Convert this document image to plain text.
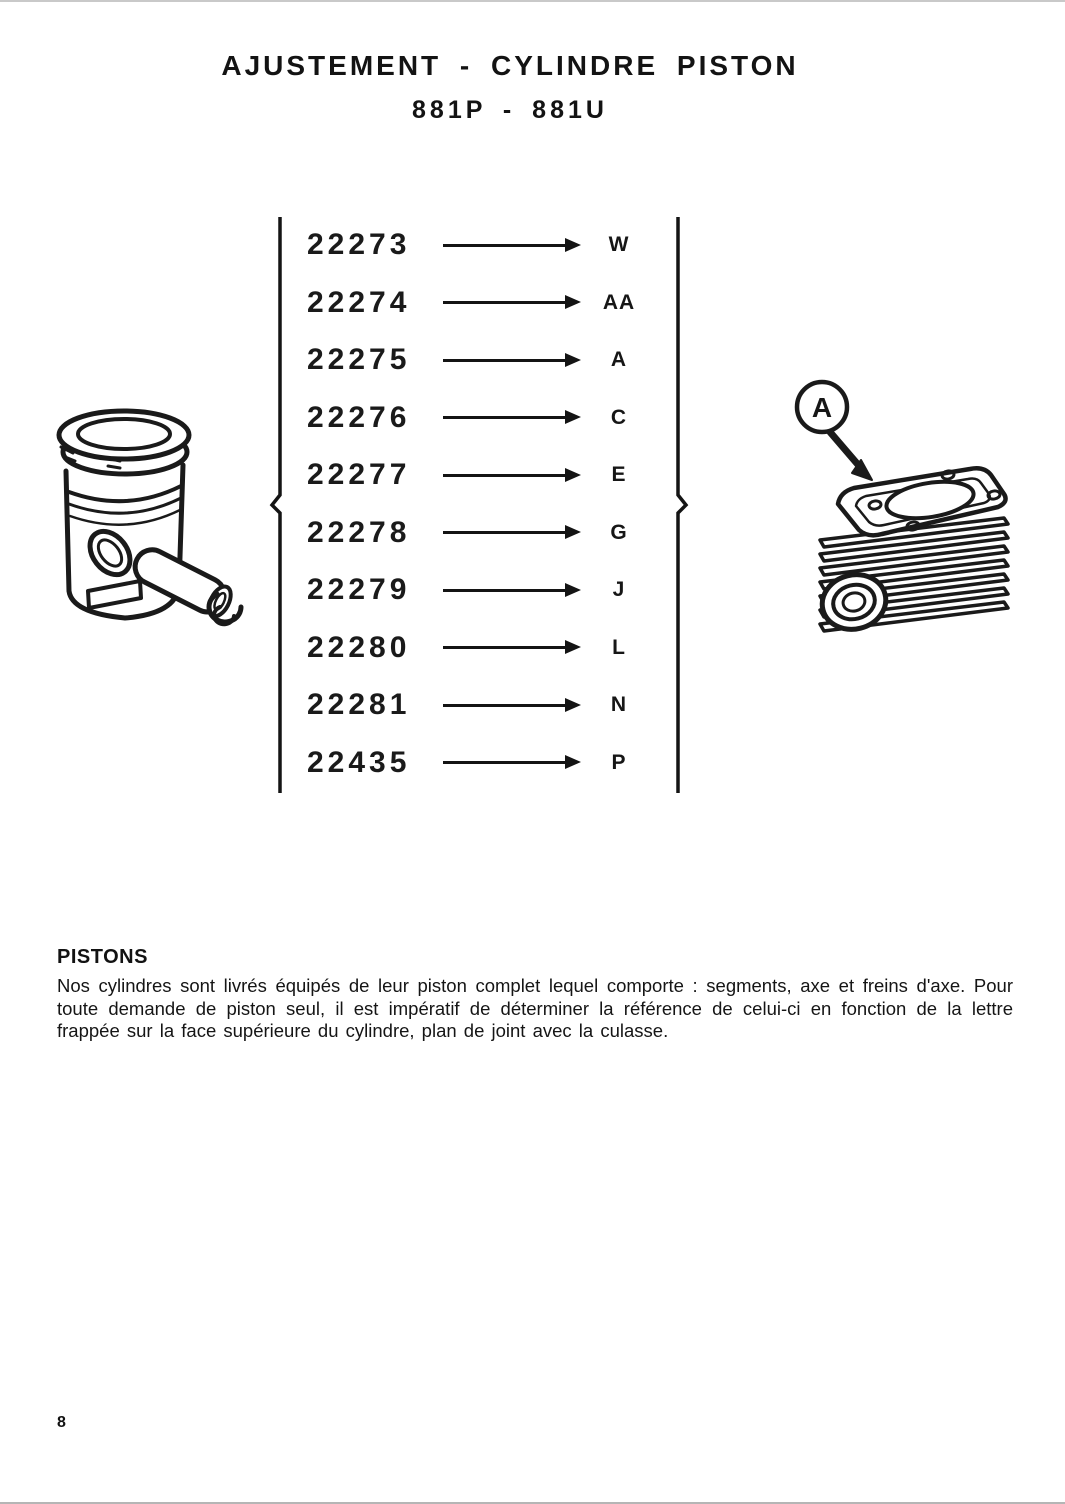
AJUSTEMENT - CYLINDRE PISTON
881P - 881U
22273	W
22274	AA
22275	A
22276	C
22277	E
22278	G
22279	J
22280	L
22281	N
22435	P
A
PISTONS
Nos cylindres sont livrés équipés de leur piston complet lequel comporte : segments, axe et freins d'axe. Pour toute demande de piston seul, il est impératif de déterminer la référence de celui-ci en fonction de la lettre frappée sur la face supérieure du cylindre, plan de joint avec la culasse.
8
